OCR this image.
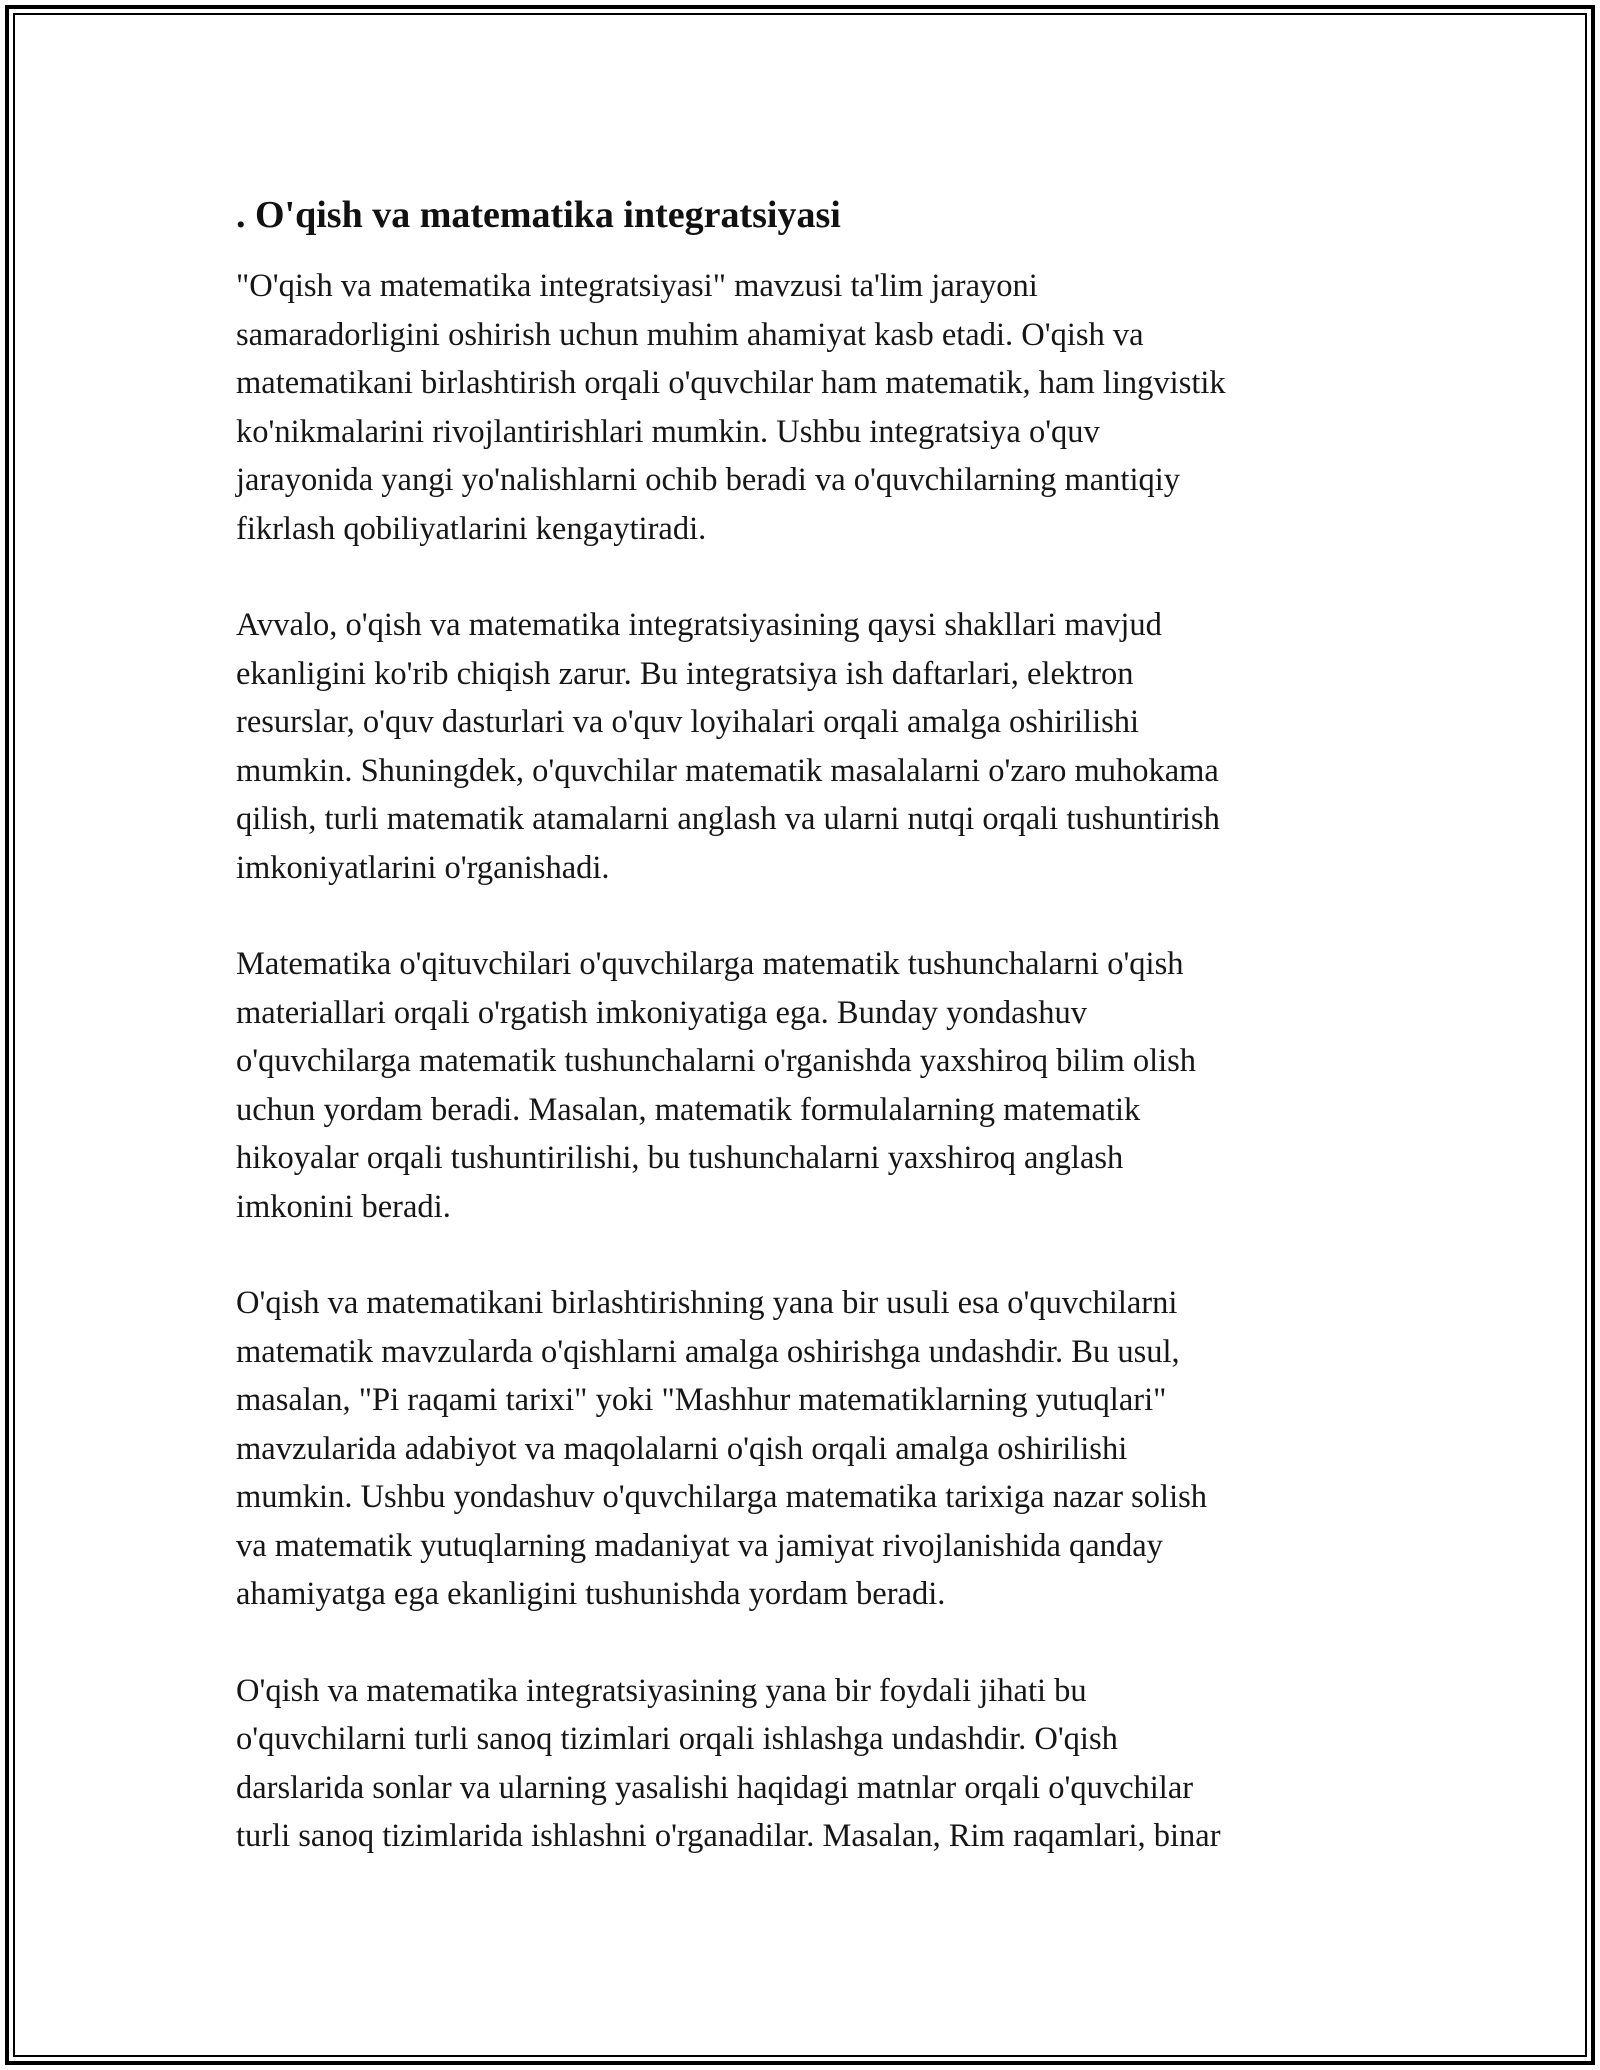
. O'qish va matematika integratsiyasi

"O'qish va matematika integratsiyasi" mavzusi ta'lim jarayoni
samaradorligini oshirish uchun muhim ahamiyat kasb etadi. O'qish va
matematikani birlashtirish orqali o'quvchilar ham matematik, ham lingvistik
ko'nikmalarini rivojlantirishlari mumkin. Ushbu integratsiya o'quv
jarayonida yangi yo'nalishlarni ochib beradi va o'quvchilarning mantiqiy
fikrlash qobiliyatlarini kengaytiradi.

Avvalo, o'qish va matematika integratsiyasining qaysi shakllari mavjud
ekanligini ko'rib chiqish zarur. Bu integratsiya ish daftarlari, elektron
resurslar, o'quv dasturlari va o'quv loyihalari orqali amalga oshirilishi
mumkin. Shuningdek, o'quvchilar matematik masalalarni o'zaro muhokama
qilish, turli matematik atamalarni anglash va ularni nutqi orqali tushuntirish
imkoniyatlarini o'rganishadi.

Matematika o'qituvchilari o'quvchilarga matematik tushunchalarni o'qish
materiallari orqali o'rgatish imkoniyatiga ega. Bunday yondashuv
o'quvchilarga matematik tushunchalarni o'rganishda yaxshiroq bilim olish
uchun yordam beradi. Masalan, matematik formulalarning matematik
hikoyalar orqali tushuntirilishi, bu tushunchalarni yaxshiroq anglash
imkonini beradi.

O'qish va matematikani birlashtirishning yana bir usuli esa o'quvchilarni
matematik mavzularda o'qishlarni amalga oshirishga undashdir. Bu usul,
masalan, "Pi raqami tarixi" yoki "Mashhur matematiklarning yutuqlari"
mavzularida adabiyot va maqolalarni o'qish orqali amalga oshirilishi
mumkin. Ushbu yondashuv o'quvchilarga matematika tarixiga nazar solish
va matematik yutuqlarning madaniyat va jamiyat rivojlanishida qanday
ahamiyatga ega ekanligini tushunishda yordam beradi.

O'qish va matematika integratsiyasining yana bir foydali jihati bu
o'quvchilarni turli sanoq tizimlari orqali ishlashga undashdir. O'qish
darslarida sonlar va ularning yasalishi haqidagi matnlar orqali o'quvchilar
turli sanoq tizimlarida ishlashni o'rganadilar. Masalan, Rim raqamlari, binar
